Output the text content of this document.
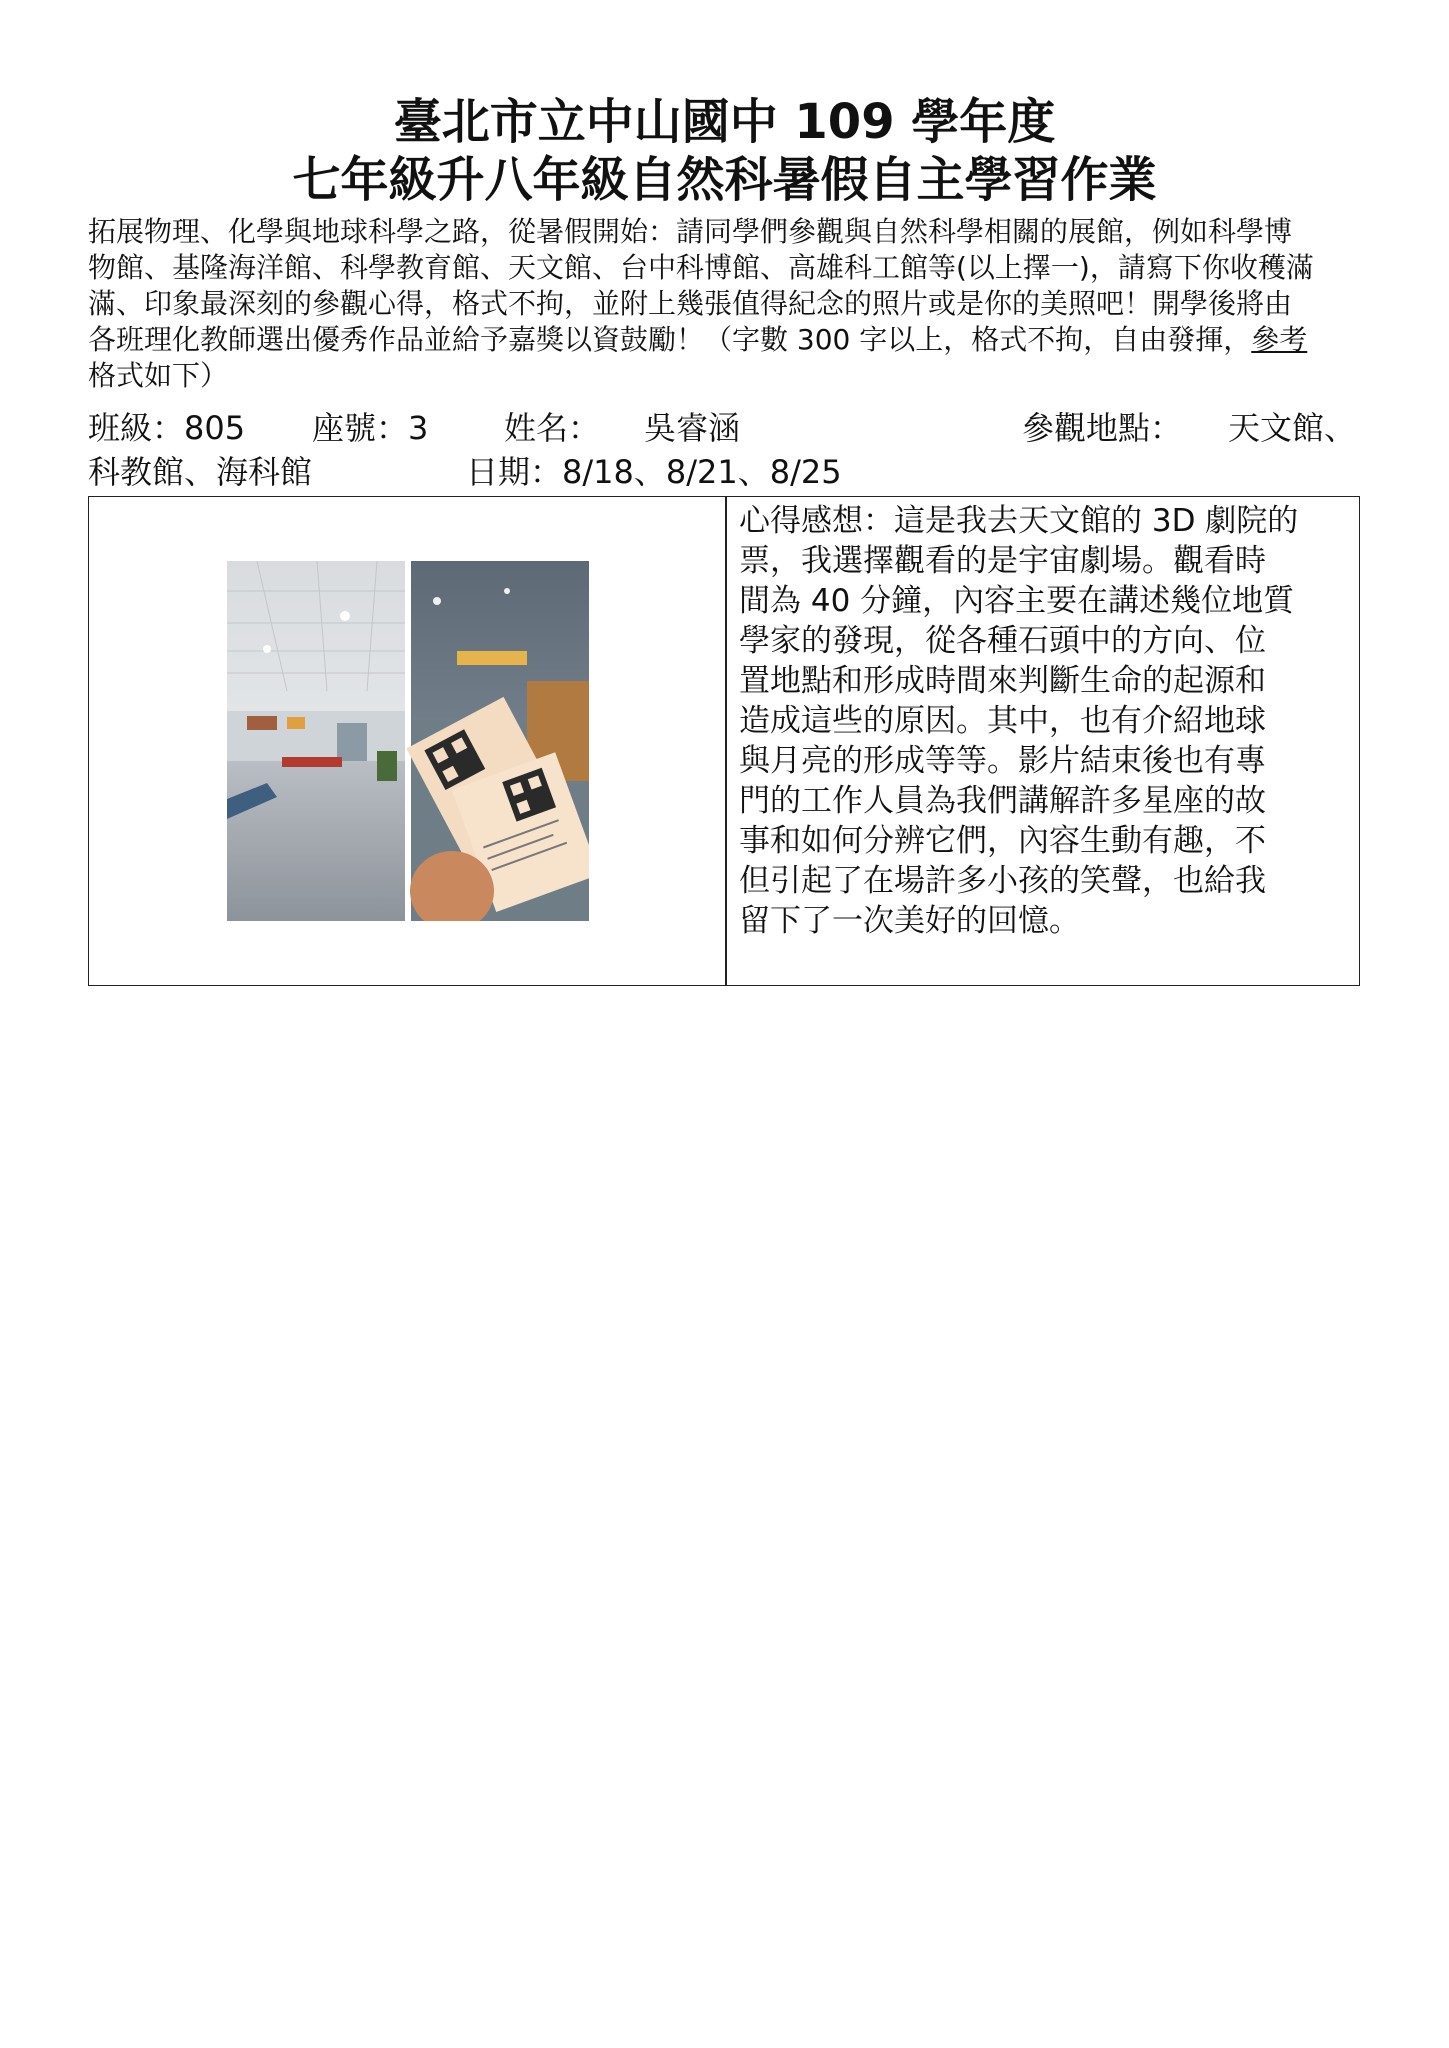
臺北市立中山國中 109 學年度
七年級升八年級自然科暑假自主學習作業

拓展物理、化學與地球科學之路，從暑假開始：請同學們參觀與自然科學相關的展館，例如科學博

物館、基隆海洋館、科學教育館、天文館、台中科博館、高雄科工館等(以上擇一)，請寫下你收穫滿

滿、印象最深刻的參觀心得，格式不拘，並附上幾張值得紀念的照片或是你的美照吧！開學後將由

各班理化教師選出優秀作品並給予嘉獎以資鼓勵！（字數 300 字以上，格式不拘，自由發揮，參考

格式如下）

班級：805 座號：3 姓名： 吳睿涵	參觀地點： 天文館、
科教館、海科館	日期：8/18、8/21、8/25

心得感想：這是我去天文館的 3D 劇院的

票，我選擇觀看的是宇宙劇場。觀看時

間為 40 分鐘，內容主要在講述幾位地質

學家的發現，從各種石頭中的方向、位

置地點和形成時間來判斷生命的起源和

造成這些的原因。其中，也有介紹地球

與月亮的形成等等。影片結束後也有專

門的工作人員為我們講解許多星座的故

事和如何分辨它們，內容生動有趣，不

但引起了在場許多小孩的笑聲，也給我

留下了一次美好的回憶。
